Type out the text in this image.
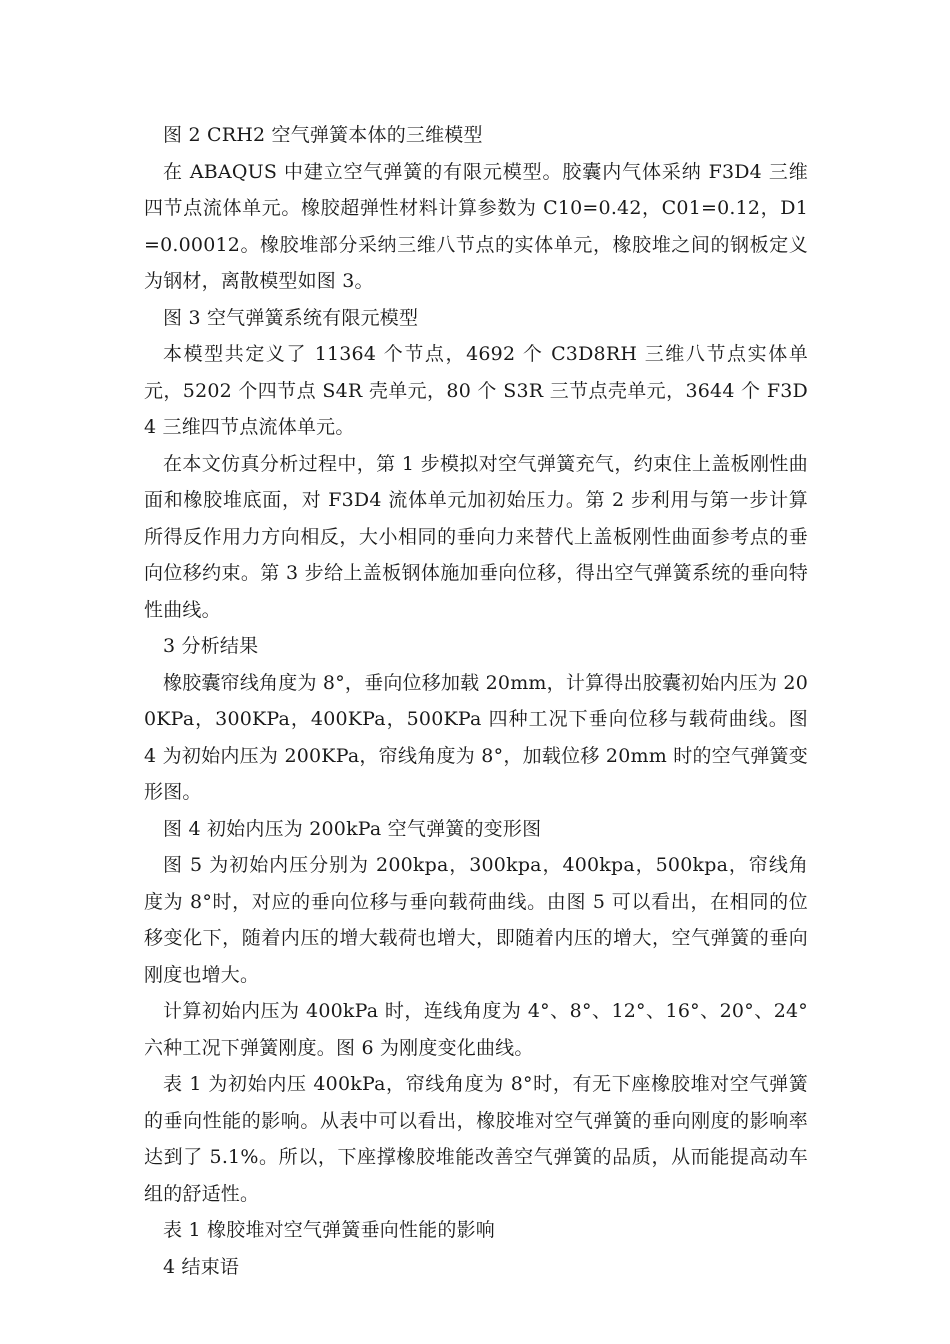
图 2 CRH2 空气弹簧本体的三维模型

在 ABAQUS 中建立空气弹簧的有限元模型。胶囊内气体采纳 F3D4 三维四节点流体单元。橡胶超弹性材料计算参数为 C10=0.42，C01=0.12，D1=0.00012。橡胶堆部分采纳三维八节点的实体单元，橡胶堆之间的钢板定义为钢材，离散模型如图 3。

图 3 空气弹簧系统有限元模型

本模型共定义了 11364 个节点，4692 个 C3D8RH 三维八节点实体单元，5202 个四节点 S4R 壳单元，80 个 S3R 三节点壳单元，3644 个 F3D4 三维四节点流体单元。

在本文仿真分析过程中，第 1 步模拟对空气弹簧充气，约束住上盖板刚性曲面和橡胶堆底面，对 F3D4 流体单元加初始压力。第 2 步利用与第一步计算所得反作用力方向相反，大小相同的垂向力来替代上盖板刚性曲面参考点的垂向位移约束。第 3 步给上盖板钢体施加垂向位移，得出空气弹簧系统的垂向特性曲线。

3 分析结果

橡胶囊帘线角度为 8°，垂向位移加载 20mm，计算得出胶囊初始内压为 200KPa，300KPa，400KPa，500KPa 四种工况下垂向位移与载荷曲线。图 4 为初始内压为 200KPa，帘线角度为 8°，加载位移 20mm 时的空气弹簧变形图。

图 4 初始内压为 200kPa 空气弹簧的变形图

图 5 为初始内压分别为 200kpa，300kpa，400kpa，500kpa，帘线角度为 8°时，对应的垂向位移与垂向载荷曲线。由图 5 可以看出，在相同的位移变化下，随着内压的增大载荷也增大，即随着内压的增大，空气弹簧的垂向刚度也增大。

计算初始内压为 400kPa 时，连线角度为 4°、8°、12°、16°、20°、24°六种工况下弹簧刚度。图 6 为刚度变化曲线。

表 1 为初始内压 400kPa，帘线角度为 8°时，有无下座橡胶堆对空气弹簧的垂向性能的影响。从表中可以看出，橡胶堆对空气弹簧的垂向刚度的影响率达到了 5.1%。所以，下座撑橡胶堆能改善空气弹簧的品质，从而能提高动车组的舒适性。

表 1 橡胶堆对空气弹簧垂向性能的影响

4 结束语
